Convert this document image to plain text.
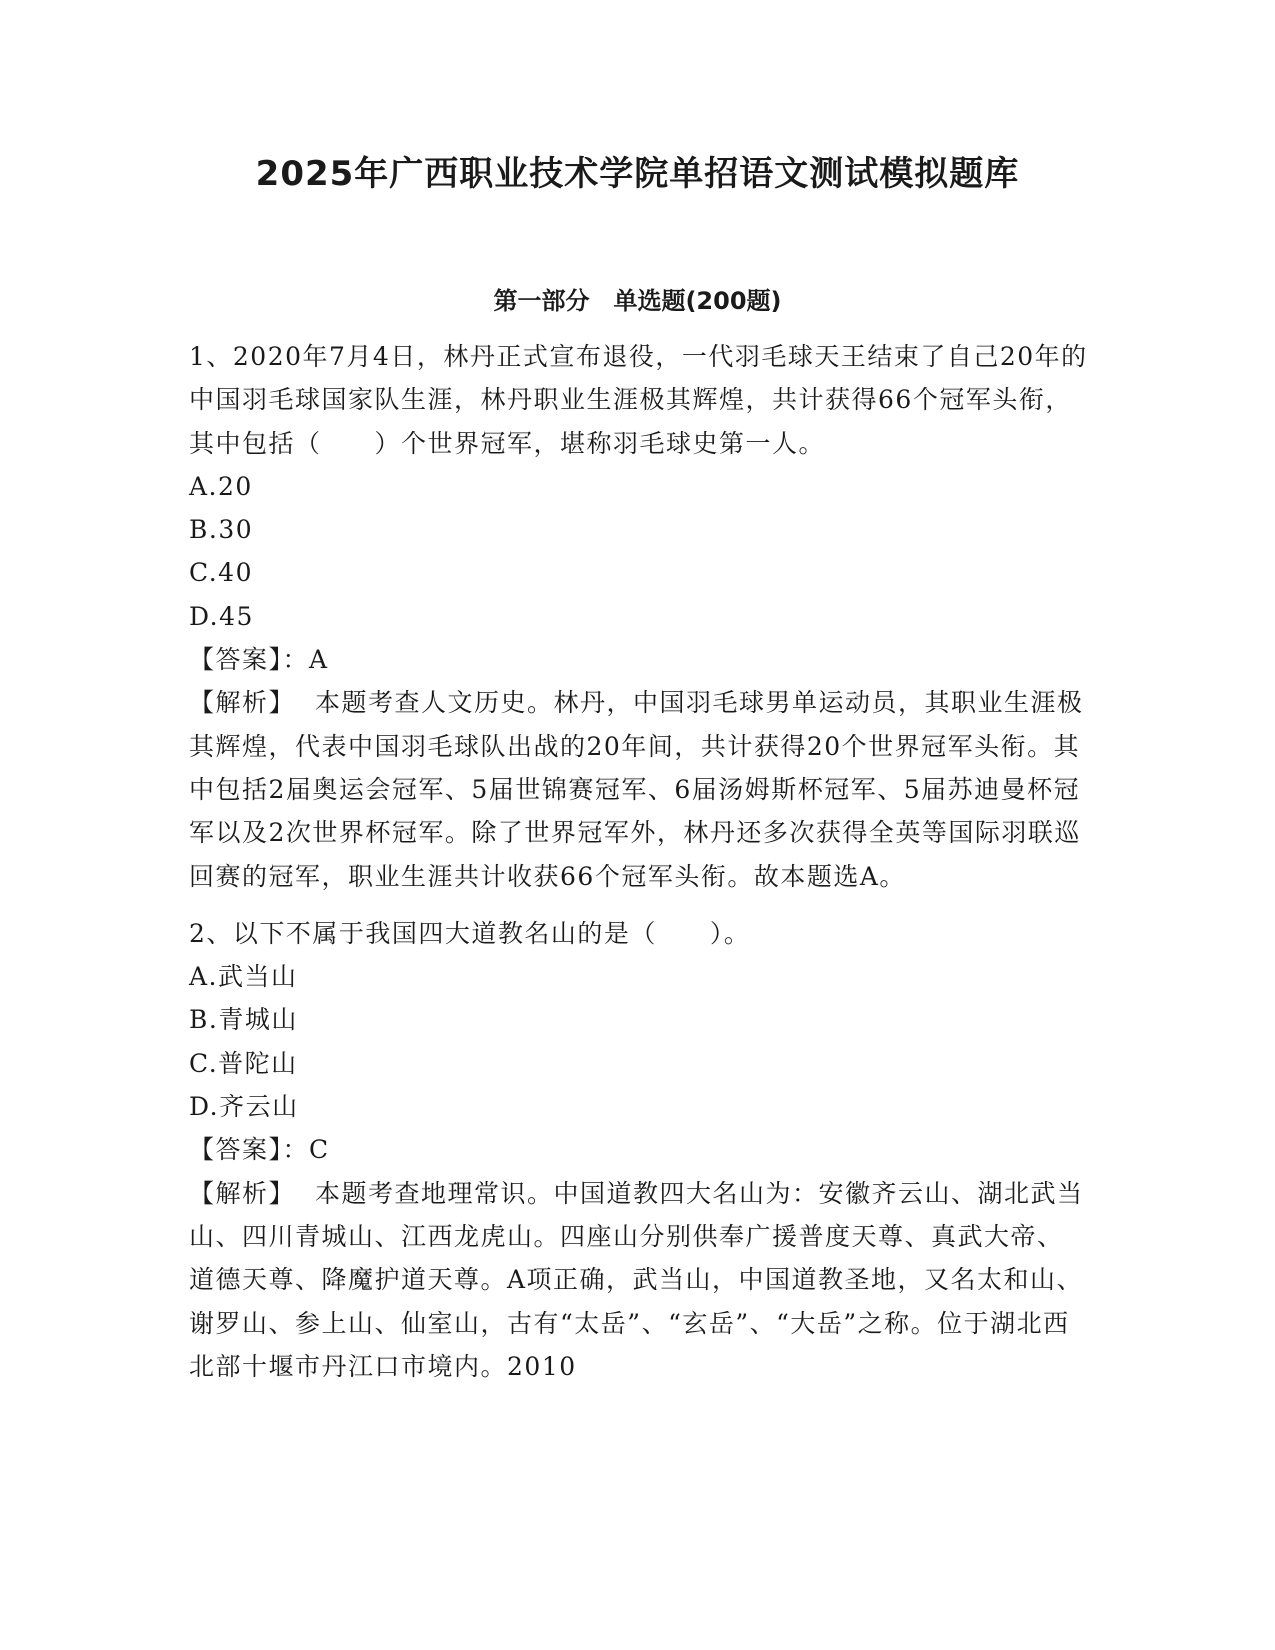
2025年广西职业技术学院单招语文测试模拟题库
第一部分　单选题(200题)

1、2020年7月4日，林丹正式宣布退役，一代羽毛球天王结束了自己20年的中国羽毛球国家队生涯，林丹职业生涯极其辉煌，共计获得66个冠军头衔，其中包括（　　）个世界冠军，堪称羽毛球史第一人。

A.20

B.30

C.40

D.45

【答案】：A

【解析】 本题考查人文历史。林丹，中国羽毛球男单运动员，其职业生涯极其辉煌，代表中国羽毛球队出战的20年间，共计获得20个世界冠军头衔。其中包括2届奥运会冠军、5届世锦赛冠军、6届汤姆斯杯冠军、5届苏迪曼杯冠军以及2次世界杯冠军。除了世界冠军外，林丹还多次获得全英等国际羽联巡回赛的冠军，职业生涯共计收获66个冠军头衔。故本题选A。

2、以下不属于我国四大道教名山的是（　　）。

A.武当山

B.青城山

C.普陀山

D.齐云山

【答案】：C

【解析】 本题考查地理常识。中国道教四大名山为：安徽齐云山、湖北武当山、四川青城山、江西龙虎山。四座山分别供奉广援普度天尊、真武大帝、道德天尊、降魔护道天尊。A项正确，武当山，中国道教圣地，又名太和山、谢罗山、参上山、仙室山，古有“太岳”、“玄岳”、“大岳”之称。位于湖北西北部十堰市丹江口市境内。2010
